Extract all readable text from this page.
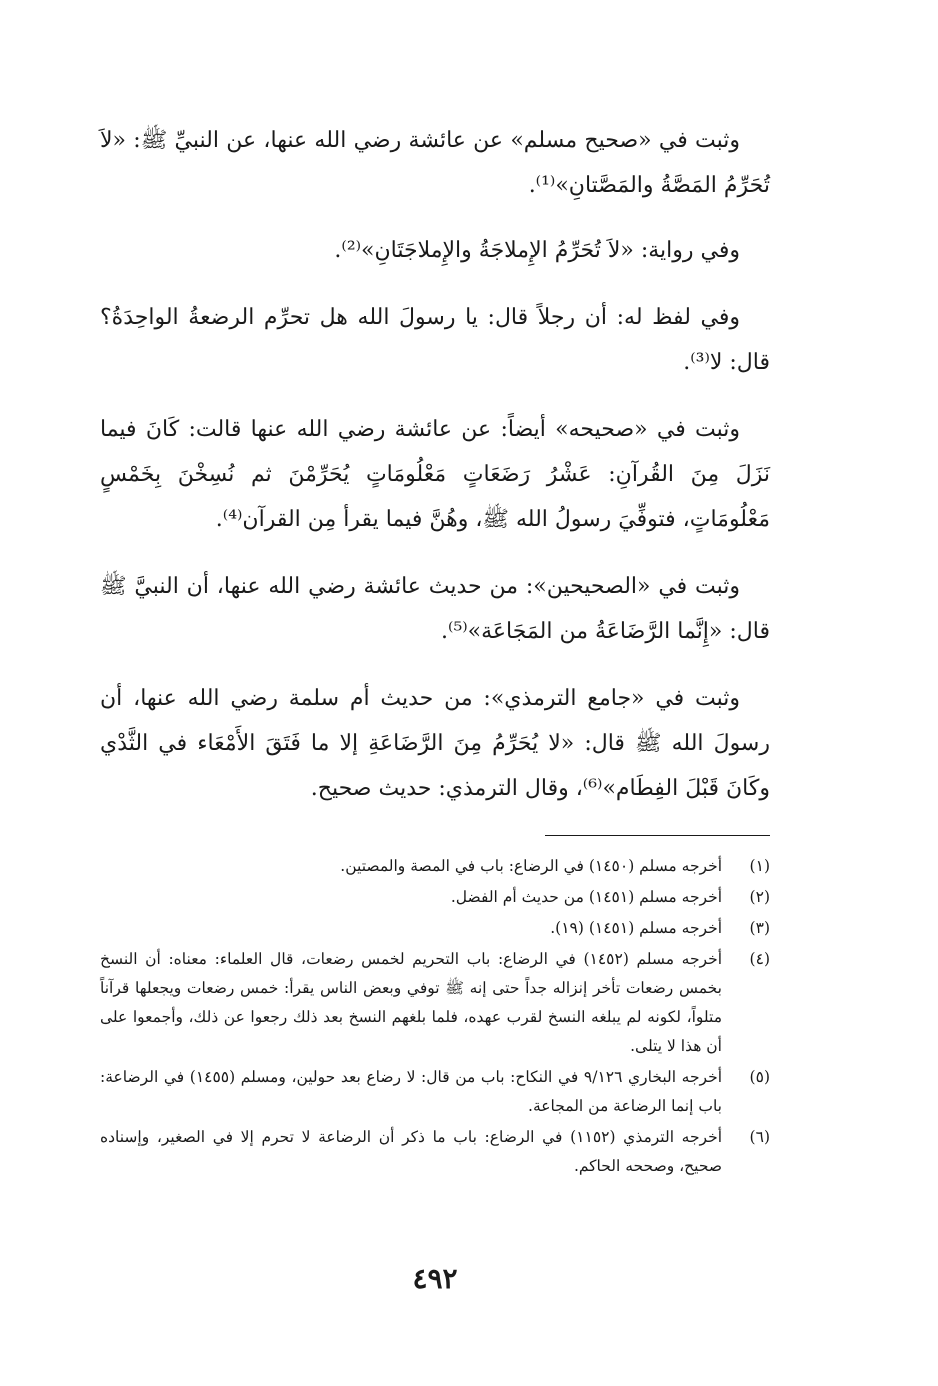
وثبت في «صحيح مسلم» عن عائشة رضي الله عنها، عن النبيِّ ﷺ: «لاَ تُحَرِّمُ المَصَّةُ والمَصَّتانِ»⁽¹⁾.

وفي رواية: «لاَ تُحَرِّمُ الإِملاجَةُ والإِملاجَتَانِ»⁽²⁾.

وفي لفظ له: أن رجلاً قال: يا رسولَ الله هل تحرِّم الرضعةُ الواحِدَةُ؟ قال: لا⁽³⁾.

وثبت في «صحيحه» أيضاً: عن عائشة رضي الله عنها قالت: كَانَ فيما نَزَلَ مِنَ القُرآنِ: عَشْرُ رَضَعَاتٍ مَعْلُومَاتٍ يُحَرِّمْنَ ثم نُسِخْنَ بِخَمْسٍ مَعْلُومَاتٍ، فتوفِّيَ رسولُ الله ﷺ، وهُنَّ فيما يقرأ مِن القرآن⁽⁴⁾.

وثبت في «الصحيحين»: من حديث عائشة رضي الله عنها، أن النبيَّ ﷺ قال: «إِنَّما الرَّضَاعَةُ من المَجَاعَة»⁽⁵⁾.

وثبت في «جامع الترمذي»: من حديث أم سلمة رضي الله عنها، أن رسولَ الله ﷺ قال: «لا يُحَرِّمُ مِنَ الرَّضَاعَةِ إلا ما فَتَقَ الأَمْعَاء في الثَّدْي وكَانَ قَبْلَ الفِطَام»⁽⁶⁾، وقال الترمذي: حديث صحيح.

(١)
أخرجه مسلم (١٤٥٠) في الرضاع: باب في المصة والمصتين.
(٢)
أخرجه مسلم (١٤٥١) من حديث أم الفضل.
(٣)
أخرجه مسلم (١٤٥١) (١٩).
(٤)
أخرجه مسلم (١٤٥٢) في الرضاع: باب التحريم لخمس رضعات، قال العلماء: معناه: أن النسخ بخمس رضعات تأخر إنزاله جداً حتى إنه ﷺ توفي وبعض الناس يقرأ: خمس رضعات ويجعلها قرآناً متلواً، لكونه لم يبلغه النسخ لقرب عهده، فلما بلغهم النسخ بعد ذلك رجعوا عن ذلك، وأجمعوا على أن هذا لا يتلى.
(٥)
أخرجه البخاري ٩/١٢٦ في النكاح: باب من قال: لا رضاع بعد حولين، ومسلم (١٤٥٥) في الرضاعة: باب إنما الرضاعة من المجاعة.
(٦)
أخرجه الترمذي (١١٥٢) في الرضاع: باب ما ذكر أن الرضاعة لا تحرم إلا في الصغير، وإسناده صحيح، وصححه الحاكم.
٤٩٢
